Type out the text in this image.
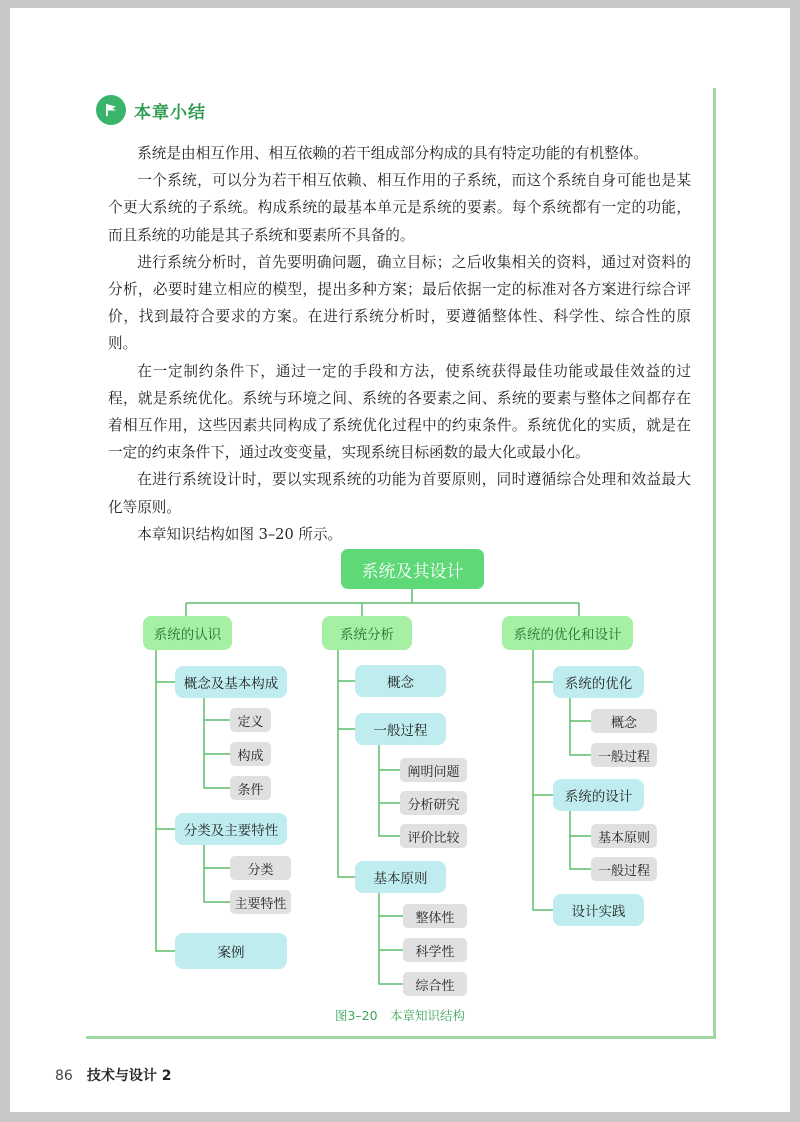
本章小结

系统是由相互作用、相互依赖的若干组成部分构成的具有特定功能的有机整体。

一个系统，可以分为若干相互依赖、相互作用的子系统，而这个系统自身可能也是某个更大系统的子系统。构成系统的最基本单元是系统的要素。每个系统都有一定的功能，而且系统的功能是其子系统和要素所不具备的。

进行系统分析时，首先要明确问题，确立目标；之后收集相关的资料，通过对资料的分析，必要时建立相应的模型，提出多种方案；最后依据一定的标准对各方案进行综合评价，找到最符合要求的方案。在进行系统分析时，要遵循整体性、科学性、综合性的原则。

在一定制约条件下，通过一定的手段和方法，使系统获得最佳功能或最佳效益的过程，就是系统优化。系统与环境之间、系统的各要素之间、系统的要素与整体之间都存在着相互作用，这些因素共同构成了系统优化过程中的约束条件。系统优化的实质，就是在一定的约束条件下，通过改变变量，实现系统目标函数的最大化或最小化。

在进行系统设计时，要以实现系统的功能为首要原则，同时遵循综合处理和效益最大化等原则。

本章知识结构如图 3–20 所示。

系统及其设计
系统的认识	系统分析	系统的优化和设计
概念及基本构成
定义
构成
条件
分类及主要特性
分类
主要特性
案例
概念
一般过程
阐明问题
分析研究
评价比较
基本原则
整体性
科学性
综合性
系统的优化
概念
一般过程
系统的设计
基本原则
一般过程
设计实践
图3–20　本章知识结构
86 技术与设计 2
